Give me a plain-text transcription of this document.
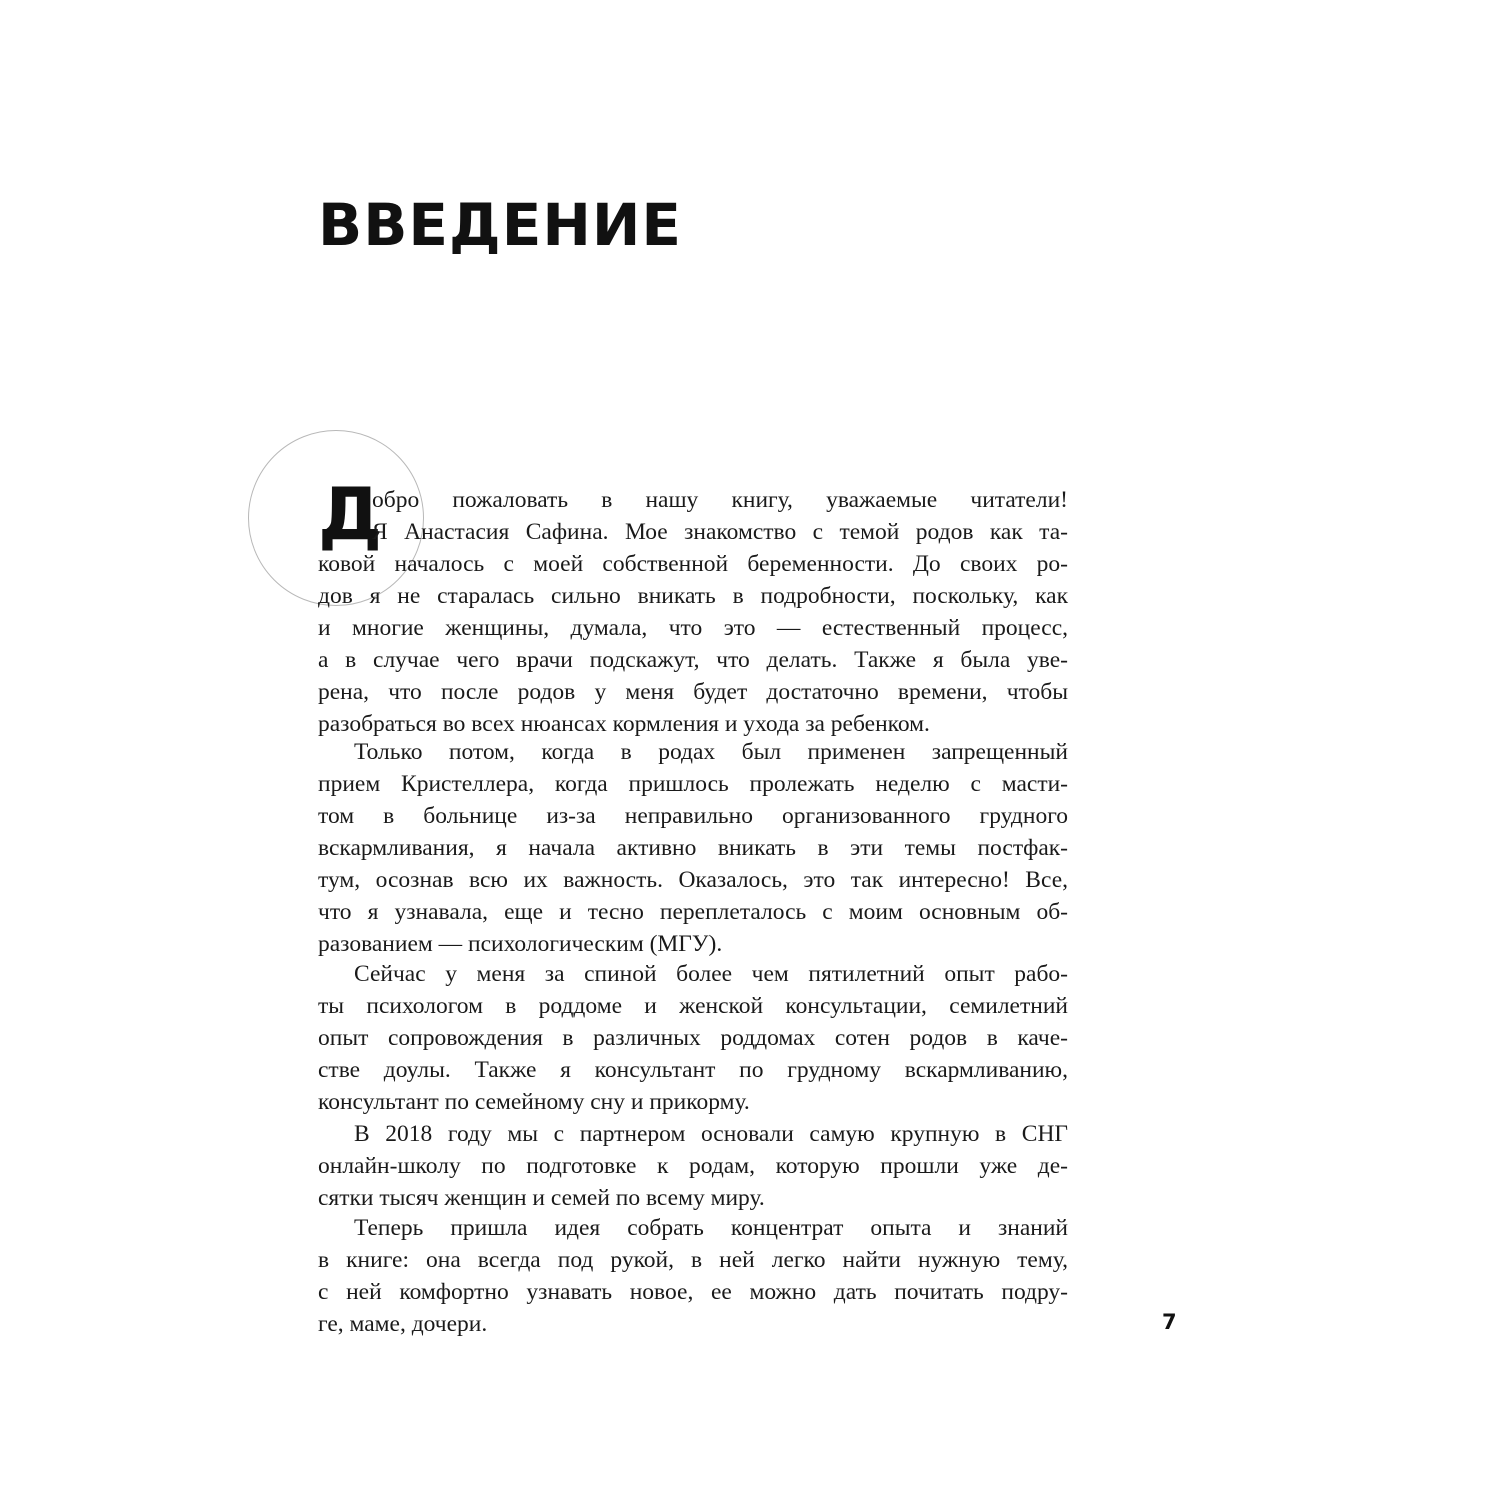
ВВЕДЕНИЕ
Д
обро пожаловать в нашу книгу, уважаемые читатели!
Я Анастасия Сафина. Мое знакомство с темой родов как та-
ковой началось с моей собственной беременности. До своих ро-
дов я не старалась сильно вникать в подробности, поскольку, как
и многие женщины, думала, что это — естественный процесс,
а в случае чего врачи подскажут, что делать. Также я была уве-
рена, что после родов у меня будет достаточно времени, чтобы
разобраться во всех нюансах кормления и ухода за ребенком.
Только потом, когда в родах был применен запрещенный
прием Кристеллера, когда пришлось пролежать неделю с масти-
том в больнице из-за неправильно организованного грудного
вскармливания, я начала активно вникать в эти темы постфак-
тум, осознав всю их важность. Оказалось, это так интересно! Все,
что я узнавала, еще и тесно переплеталось с моим основным об-
разованием — психологическим (МГУ).
Сейчас у меня за спиной более чем пятилетний опыт рабо-
ты психологом в роддоме и женской консультации, семилетний
опыт сопровождения в различных роддомах сотен родов в каче-
стве доулы. Также я консультант по грудному вскармливанию,
консультант по семейному сну и прикорму.
В 2018 году мы с партнером основали самую крупную в СНГ
онлайн-школу по подготовке к родам, которую прошли уже де-
сятки тысяч женщин и семей по всему миру.
Теперь пришла идея собрать концентрат опыта и знаний
в книге: она всегда под рукой, в ней легко найти нужную тему,
с ней комфортно узнавать новое, ее можно дать почитать подру-
ге, маме, дочери.	7
